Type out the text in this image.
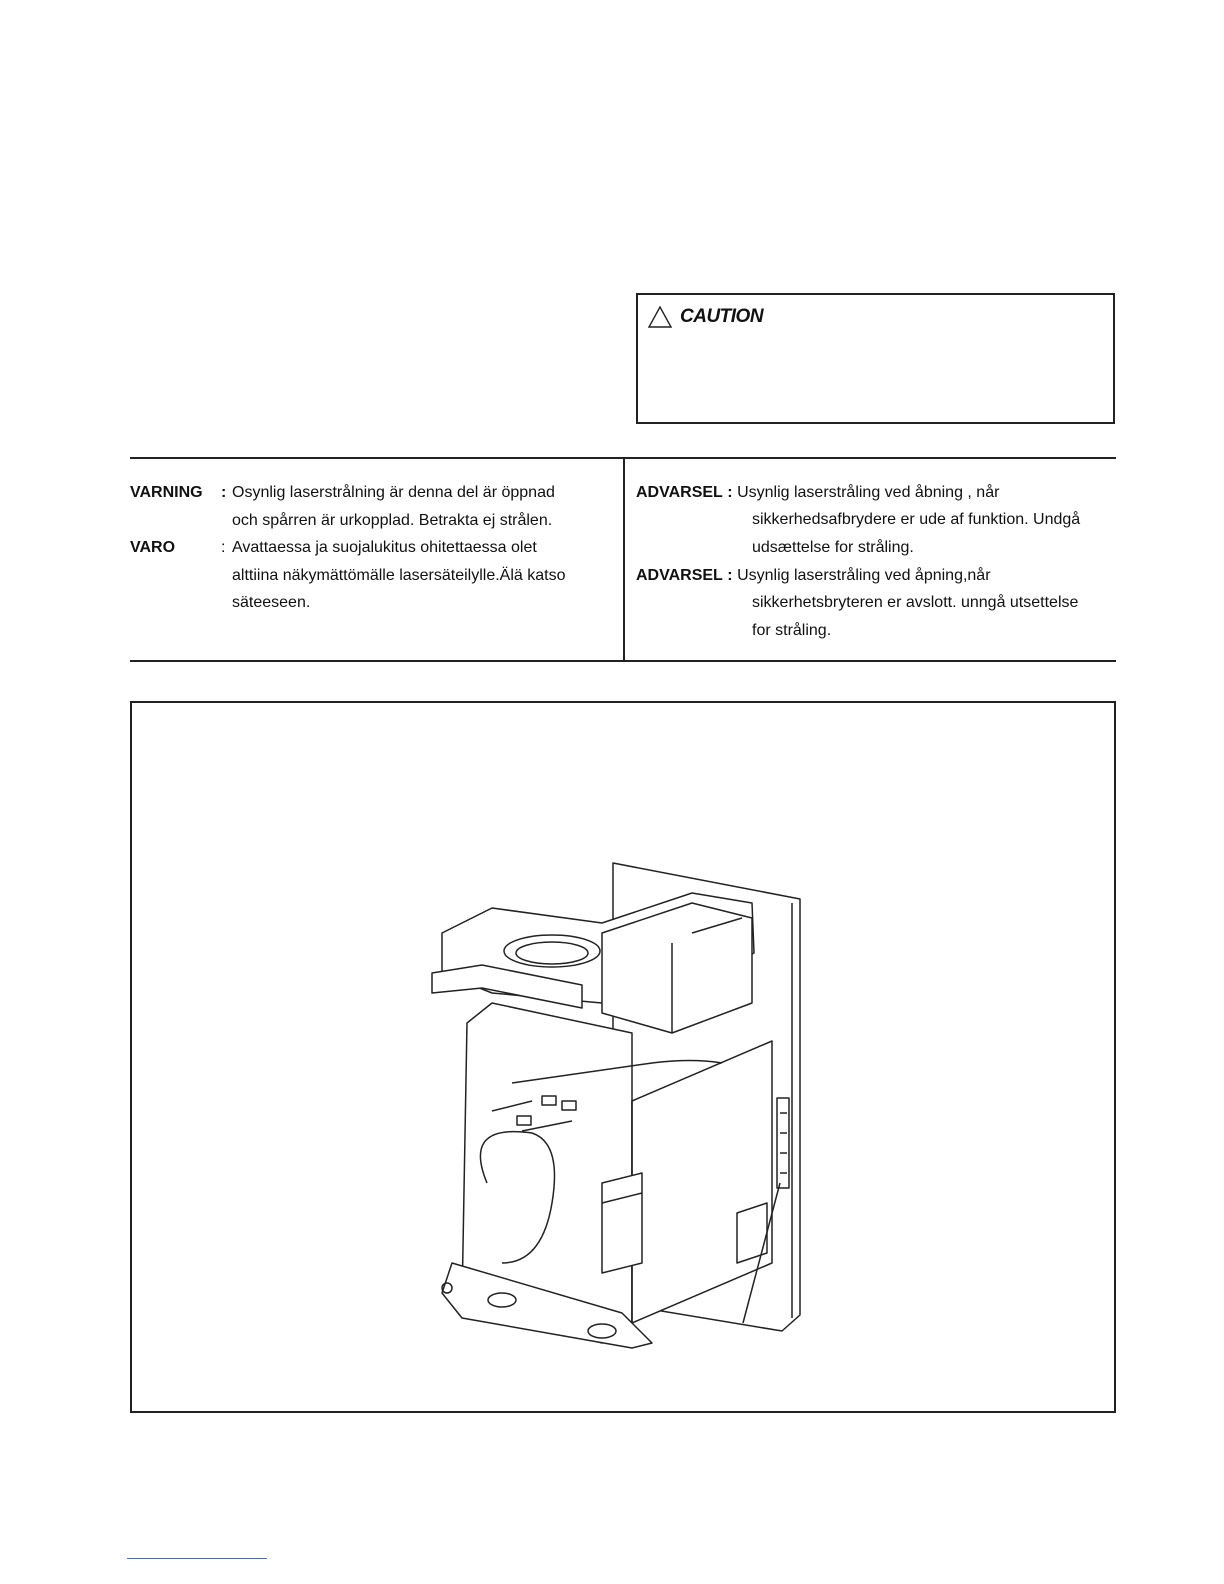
CAUTION
VARNING : Osynlig laserstrålning är denna del är öppnad
och spårren är urkopplad. Betrakta ej strålen.
VARO	: Avattaessa ja suojalukitus ohitettaessa olet
alttiina näkymättömälle lasersäteilylle.Älä katso
säteeseen.
ADVARSEL : Usynlig laserstråling ved åbning , når
sikkerhedsafbrydere er ude af funktion. Undgå
udsættelse for stråling.
ADVARSEL : Usynlig laserstråling ved åpning,når
sikkerhetsbryteren er avslott. unngå utsettelse
for stråling.
